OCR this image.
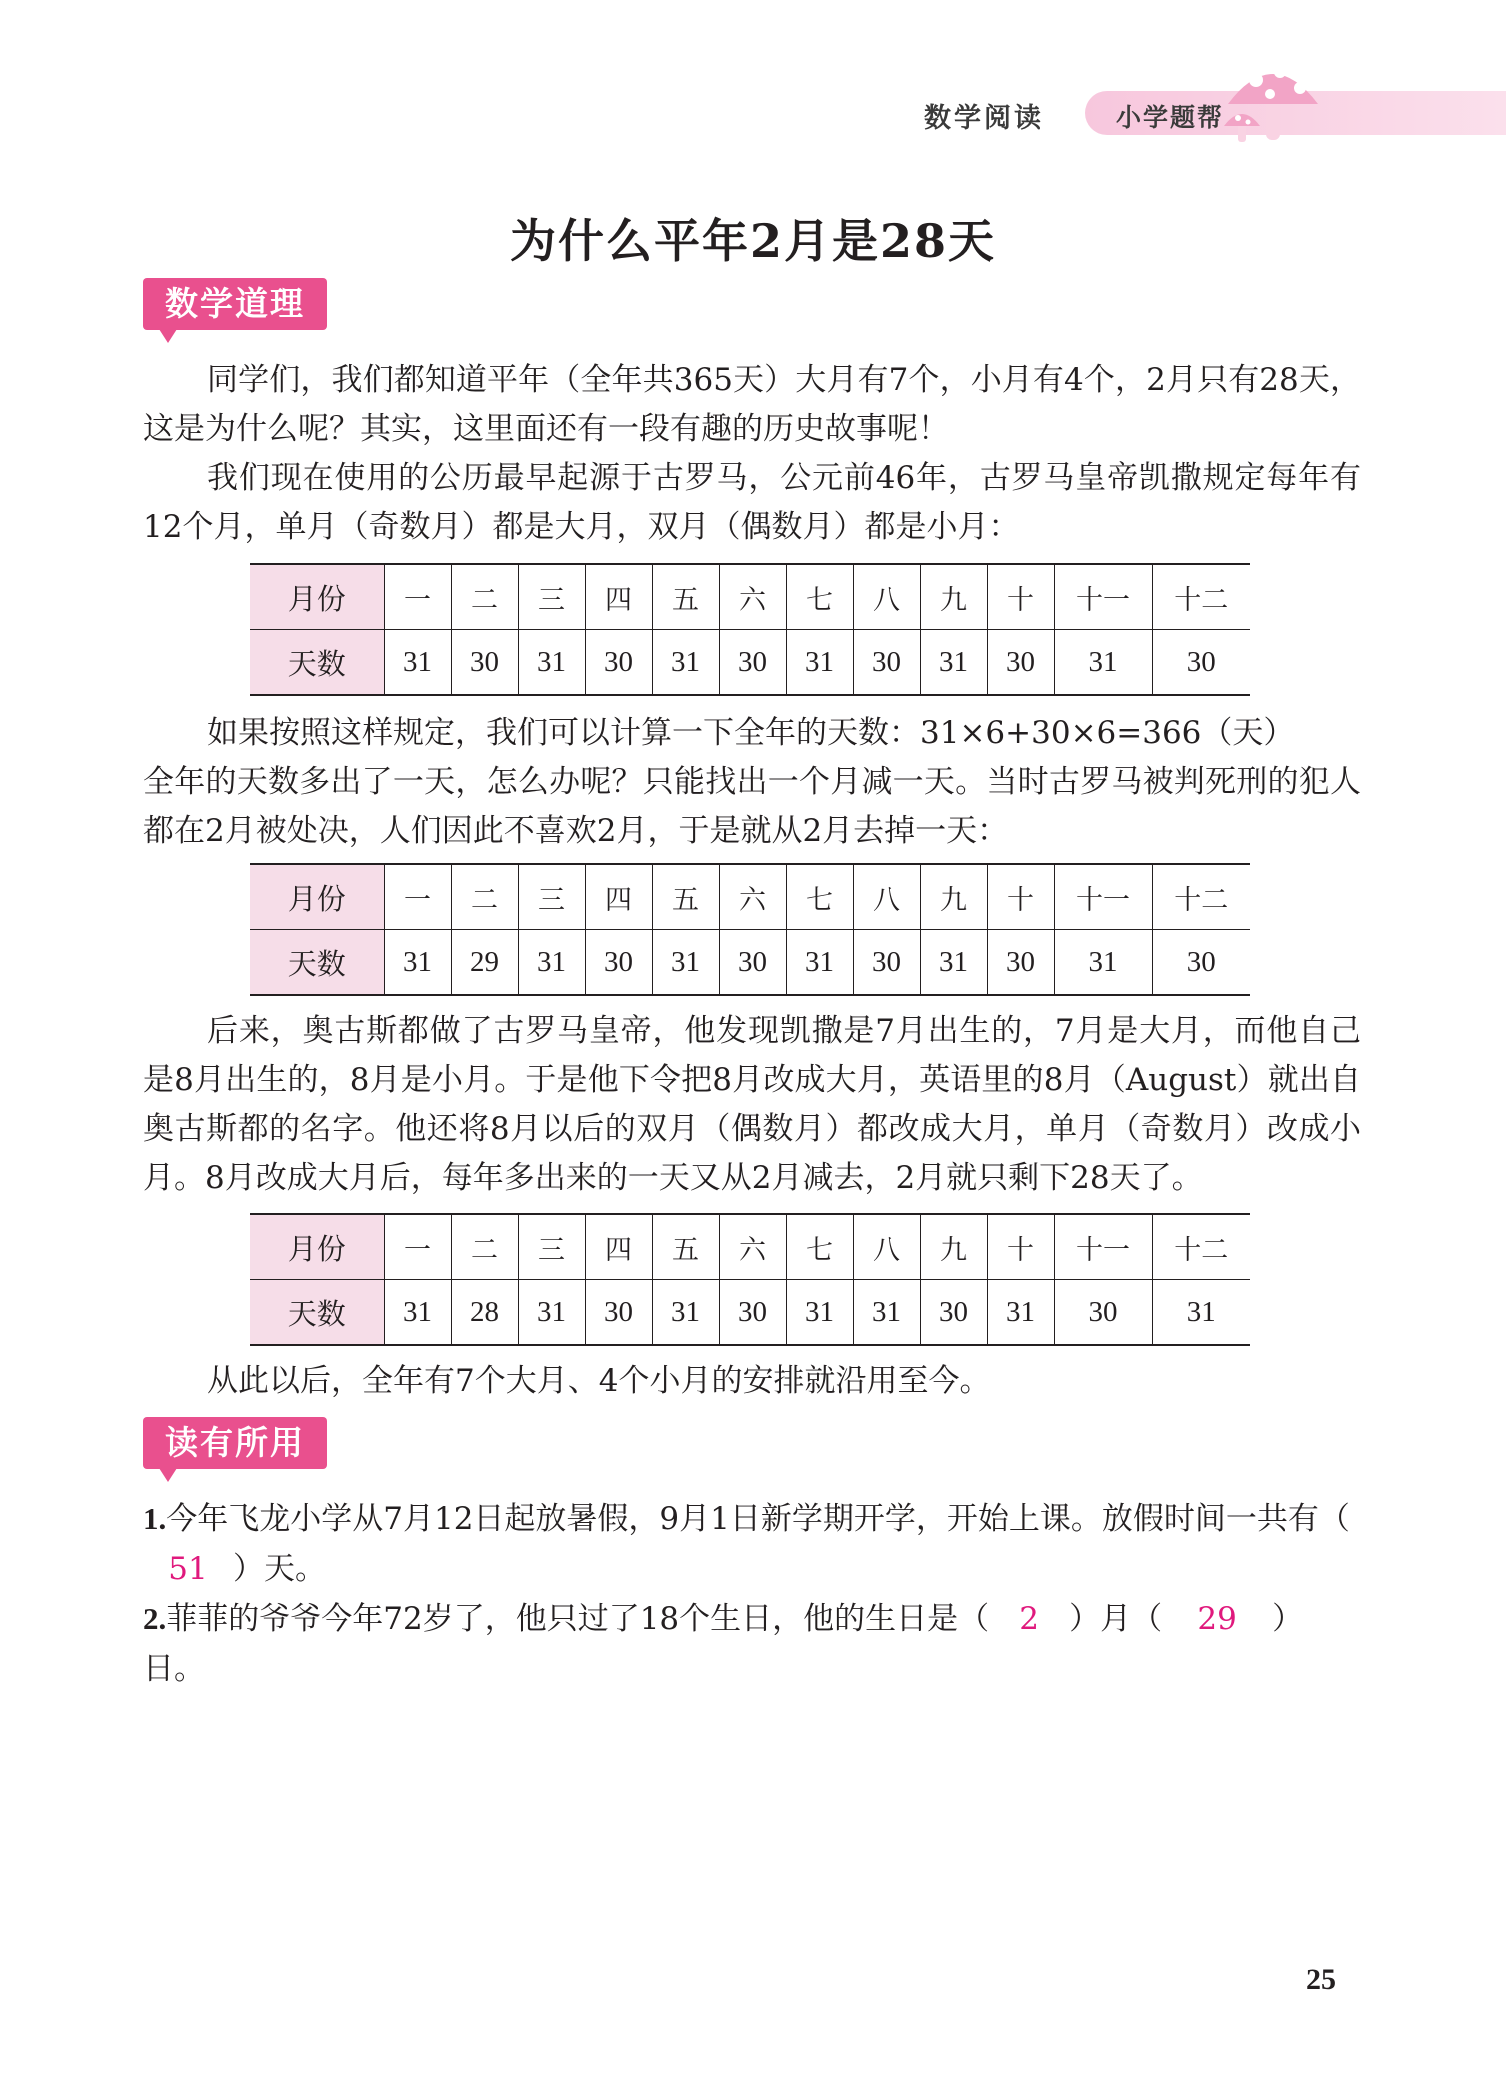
数学阅读	小学题帮
为什么平年2月是28天
数学道理

同学们，我们都知道平年（全年共365天）大月有7个，小月有4个，2月只有28天，这是为什么呢？其实，这里面还有一段有趣的历史故事呢！

我们现在使用的公历最早起源于古罗马，公元前46年，古罗马皇帝凯撒规定每年有12个月，单月（奇数月）都是大月，双月（偶数月）都是小月：

月份	一	二	三	四	五	六	七	八	九	十	十一	十二
天数	31	30	31	30	31	30	31	30	31	30	31	30

如果按照这样规定，我们可以计算一下全年的天数：31×6+30×6=366（天）

全年的天数多出了一天，怎么办呢？只能找出一个月减一天。当时古罗马被判死刑的犯人都在2月被处决，人们因此不喜欢2月，于是就从2月去掉一天：

月份	一	二	三	四	五	六	七	八	九	十	十一	十二
天数	31	29	31	30	31	30	31	30	31	30	31	30

后来，奥古斯都做了古罗马皇帝，他发现凯撒是7月出生的，7月是大月，而他自己是8月出生的，8月是小月。于是他下令把8月改成大月，英语里的8月（August）就出自奥古斯都的名字。他还将8月以后的双月（偶数月）都改成大月，单月（奇数月）改成小月。8月改成大月后，每年多出来的一天又从2月减去，2月就只剩下28天了。

月份	一	二	三	四	五	六	七	八	九	十	十一	十二
天数	31	28	31	30	31	30	31	31	30	31	30	31

从此以后，全年有7个大月、4个小月的安排就沿用至今。

读有所用

1.今年飞龙小学从7月12日起放暑假，9月1日新学期开学，开始上课。放假时间一共有（51 ）天。

2.菲菲的爷爷今年72岁了，他只过了18个生日，他的生日是（ 2 ）月（ 29 ）日。

25
